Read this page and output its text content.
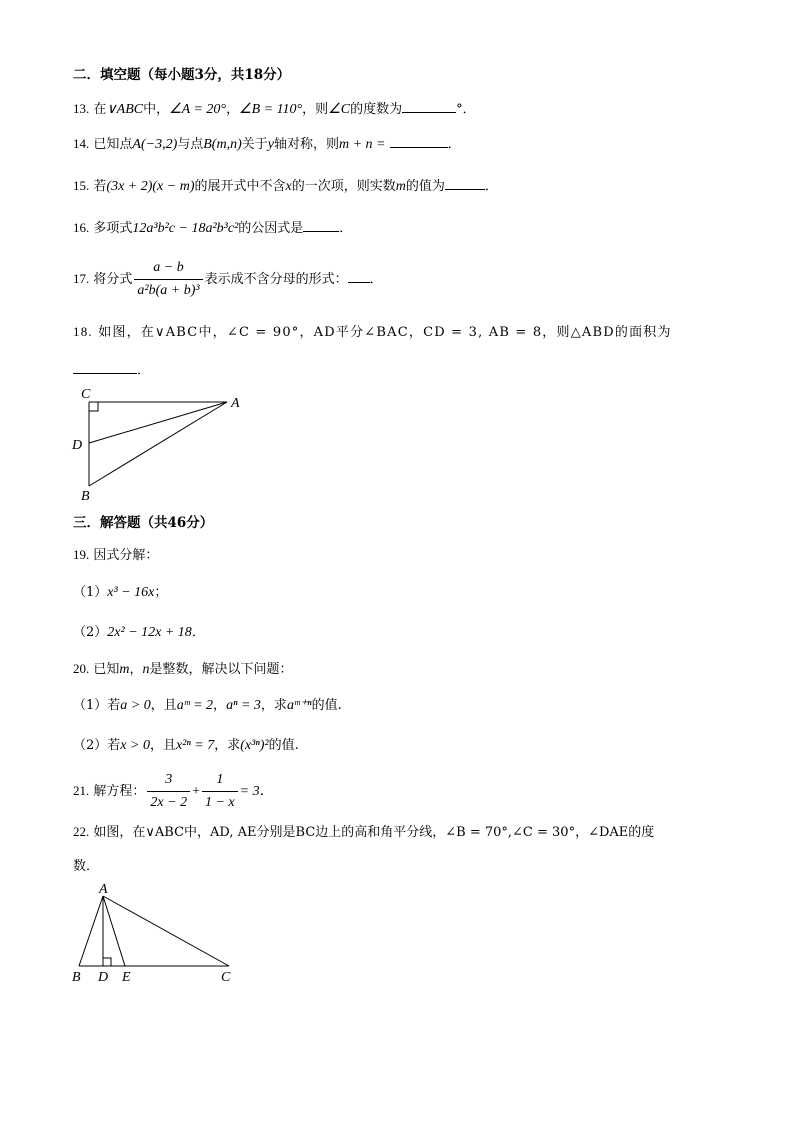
二．填空题（每小题3分，共18分）
13. 在∨ABC中，∠A = 20°，∠B = 110°，则∠C的度数为	°．
14. 已知点A(−3,2)与点B(m,n)关于y轴对称，则m + n =	．
15. 若(3x + 2)(x − m)的展开式中不含x的一次项，则实数m的值为	．
16. 多项式12a³b²c − 18a²b³c²的公因式是	．
17. 将分式 $\frac{a - b}{\text{a²b(a + b)³}}$ 表示成不含分母的形式： ．
18. 如图，在∨ABC中，∠C = 90°，AD平分∠BAC，CD = 3, AB = 8，则△ABD的面积为
．
C
A
D
B
三．解答题（共46分）
19. 因式分解：
（1）x³ − 16x；
（2）2x² − 12x + 18．
20. 已知m，n是整数，解决以下问题：
（1）若a > 0，且aᵐ = 2，aⁿ = 3，求aᵐ⁺ⁿ的值.
（2）若x > 0，且x²ⁿ = 7，求(x³ⁿ)²的值.
21. 解方程： $\frac{3}{2x - 2} + \frac{1}{1 - x} = 3$．
22. 如图，在∨ABC中，AD, AE分别是BC边上的高和角平分线，∠B = 70°,∠C = 30°，∠DAE的度
数．
A
B D E	C
